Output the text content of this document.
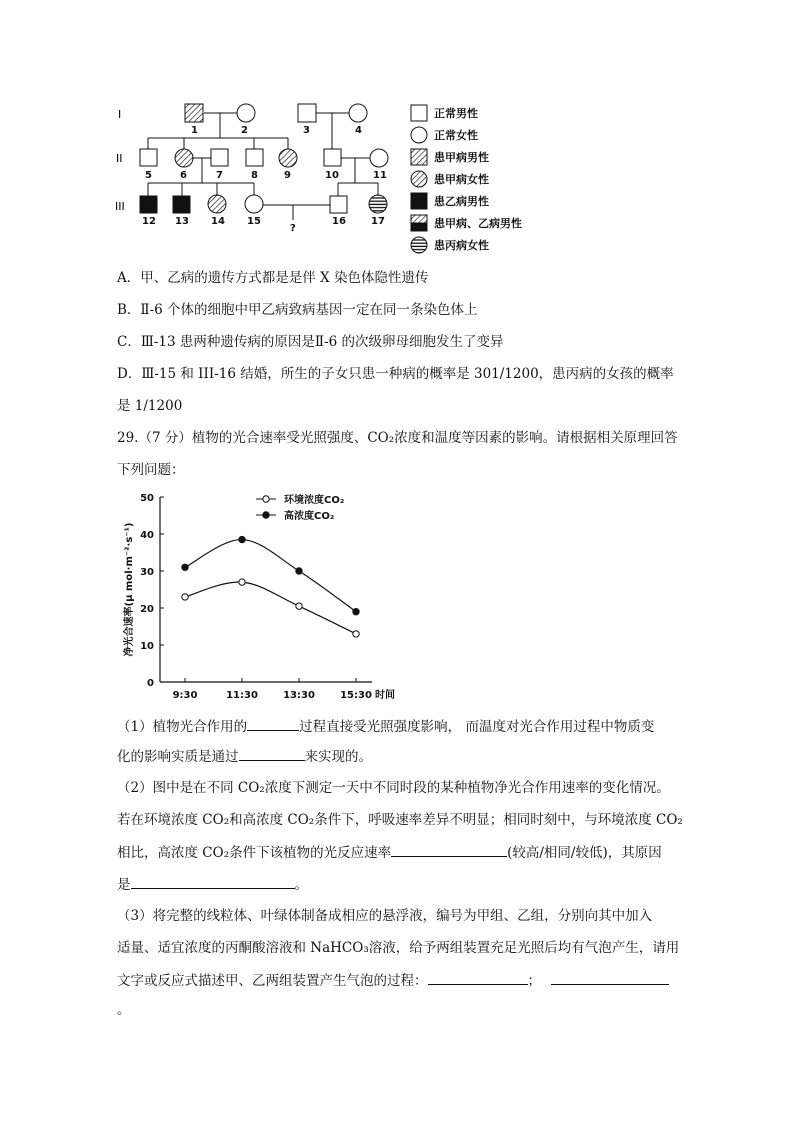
I
II
III
1	2	3	4
5	6	7	8	9	10	11
12 13 14 15	16	17
?
正常男性
正常女性
患甲病男性
患甲病女性
患乙病男性
患甲病、乙病男性
患丙病女性
A．甲、乙病的遗传方式都是是伴 X 染色体隐性遗传
B．Ⅱ-6 个体的细胞中甲乙病致病基因一定在同一条染色体上
C．Ⅲ-13 患两种遗传病的原因是Ⅱ-6 的次级卵母细胞发生了变异
D．Ⅲ-15 和 III-16 结婚，所生的子女只患一种病的概率是 301/1200，患丙病的女孩的概率
是 1/1200
29.（7 分）植物的光合速率受光照强度、CO₂浓度和温度等因素的影响。请根据相关原理回答
下列问题：
0
10
20
30
40
50
9:30	11:30	13:30	15:30 时间
净光合速率(μ mol·m⁻²·s⁻¹)
环境浓度CO₂
高浓度CO₂
（1）植物光合作用的	过程直接受光照强度影响， 而温度对光合作用过程中物质变
化的影响实质是通过	来实现的。
（2）图中是在不同 CO₂浓度下测定一天中不同时段的某种植物净光合作用速率的变化情况。
若在环境浓度 CO₂和高浓度 CO₂条件下，呼吸速率差异不明显；相同时刻中，与环境浓度 CO₂
相比，高浓度 CO₂条件下该植物的光反应速率	(较高/相同/较低)，其原因
是	。
（3）将完整的线粒体、叶绿体制备成相应的悬浮液，编号为甲组、乙组，分别向其中加入
适量、适宜浓度的丙酮酸溶液和 NaHCO₃溶液，给予两组装置充足光照后均有气泡产生，请用
文字或反应式描述甲、乙两组装置产生气泡的过程：	；
。
